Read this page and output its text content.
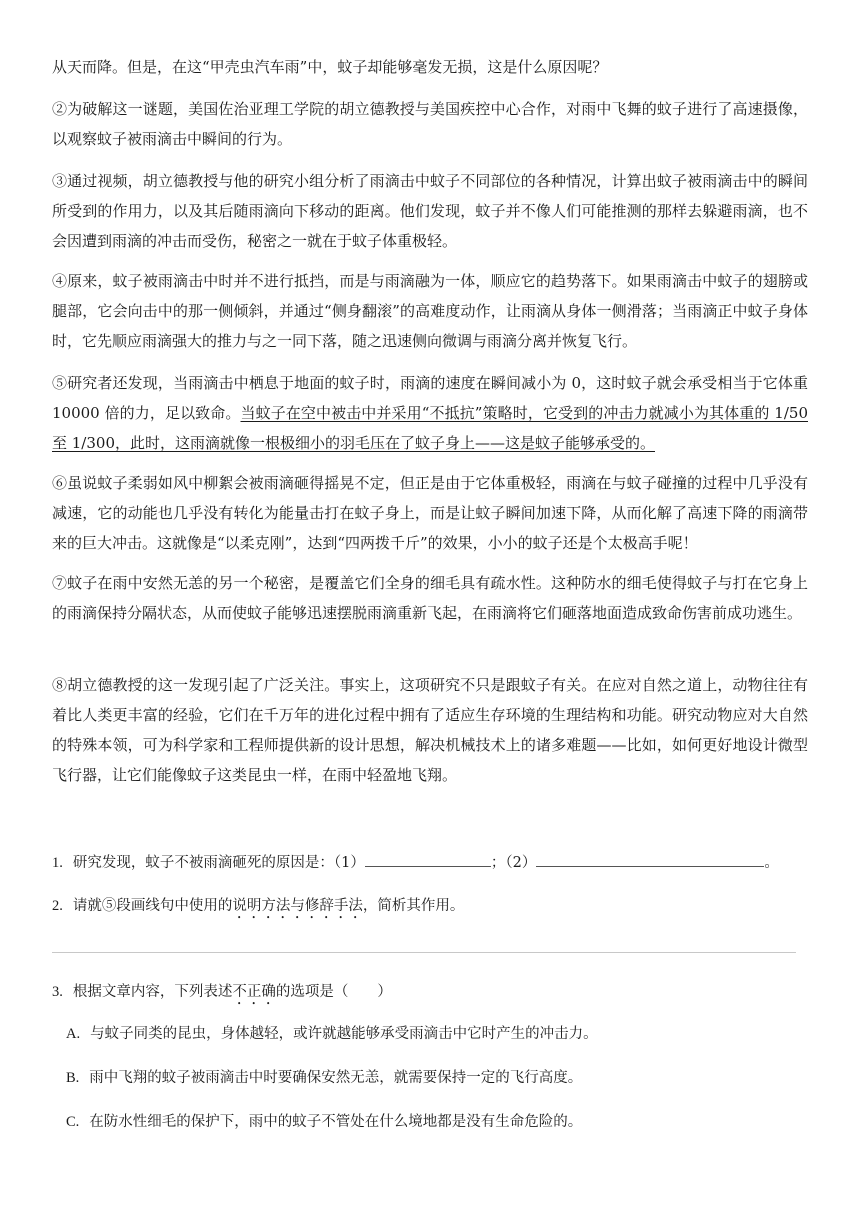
从天而降。但是，在这“甲壳虫汽车雨”中，蚊子却能够毫发无损，这是什么原因呢？

②为破解这一谜题，美国佐治亚理工学院的胡立德教授与美国疾控中心合作，对雨中飞舞的蚊子进行了高速摄像，以观察蚊子被雨滴击中瞬间的行为。

③通过视频，胡立德教授与他的研究小组分析了雨滴击中蚊子不同部位的各种情况，计算出蚊子被雨滴击中的瞬间所受到的作用力，以及其后随雨滴向下移动的距离。他们发现，蚊子并不像人们可能推测的那样去躲避雨滴，也不会因遭到雨滴的冲击而受伤，秘密之一就在于蚊子体重极轻。

④原来，蚊子被雨滴击中时并不进行抵挡，而是与雨滴融为一体，顺应它的趋势落下。如果雨滴击中蚊子的翅膀或腿部，它会向击中的那一侧倾斜，并通过“侧身翻滚”的高难度动作，让雨滴从身体一侧滑落；当雨滴正中蚊子身体时，它先顺应雨滴强大的推力与之一同下落，随之迅速侧向微调与雨滴分离并恢复飞行。

⑤研究者还发现，当雨滴击中栖息于地面的蚊子时，雨滴的速度在瞬间减小为 0，这时蚊子就会承受相当于它体重 10000 倍的力，足以致命。当蚊子在空中被击中并采用“不抵抗”策略时，它受到的冲击力就减小为其体重的 1/50 至 1/300，此时，这雨滴就像一根极细小的羽毛压在了蚊子身上——这是蚊子能够承受的。

⑥虽说蚊子柔弱如风中柳絮会被雨滴砸得摇晃不定，但正是由于它体重极轻，雨滴在与蚊子碰撞的过程中几乎没有减速，它的动能也几乎没有转化为能量击打在蚊子身上，而是让蚊子瞬间加速下降，从而化解了高速下降的雨滴带来的巨大冲击。这就像是“以柔克刚”，达到“四两拨千斤”的效果，小小的蚊子还是个太极高手呢！

⑦蚊子在雨中安然无恙的另一个秘密，是覆盖它们全身的细毛具有疏水性。这种防水的细毛使得蚊子与打在它身上的雨滴保持分隔状态，从而使蚊子能够迅速摆脱雨滴重新飞起，在雨滴将它们砸落地面造成致命伤害前成功逃生。

⑧胡立德教授的这一发现引起了广泛关注。事实上，这项研究不只是跟蚊子有关。在应对自然之道上，动物往往有着比人类更丰富的经验，它们在千万年的进化过程中拥有了适应生存环境的生理结构和功能。研究动物应对大自然的特殊本领，可为科学家和工程师提供新的设计思想，解决机械技术上的诸多难题——比如，如何更好地设计微型飞行器，让它们能像蚊子这类昆虫一样，在雨中轻盈地飞翔。

1. 研究发现，蚊子不被雨滴砸死的原因是：（1）	；（2）	。

2. 请就⑤段画线句中使用的说明方法与修辞手法，简析其作用。

3. 根据文章内容，下列表述不正确的选项是（　　）

A. 与蚊子同类的昆虫，身体越轻，或许就越能够承受雨滴击中它时产生的冲击力。

B. 雨中飞翔的蚊子被雨滴击中时要确保安然无恙，就需要保持一定的飞行高度。

C. 在防水性细毛的保护下，雨中的蚊子不管处在什么境地都是没有生命危险的。
